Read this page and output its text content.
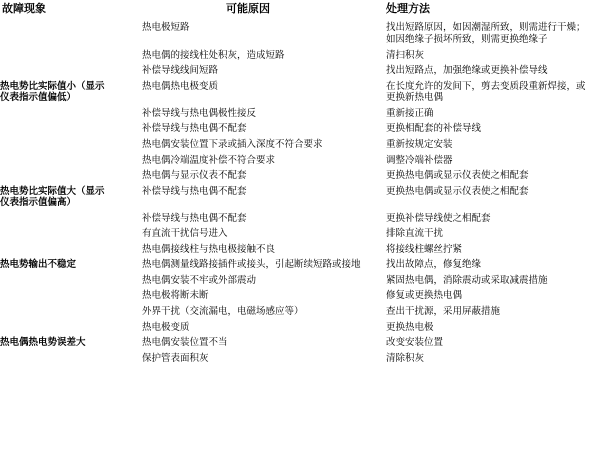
故障现象	可能原因	处理方法
	热电极短路	找出短路原因，如因潮湿所致，则需进行干燥；如因绝缘子损坏所致，则需更换绝缘子
	热电偶的接线柱处积灰，造成短路	清扫积灰
	补偿导线线间短路	找出短路点，加强绝缘或更换补偿导线
热电势比实际值小（显示仪表指示值偏低）	热电偶热电极变质	在长度允许的发间下，剪去变质段重新焊接，或更换新热电偶
	补偿导线与热电偶极性接反	重新接正确
	补偿导线与热电偶不配套	更换相配套的补偿导线
	热电偶安装位置下录或插入深度不符合要求	重新按规定安装
	热电偶冷端温度补偿不符合要求	调整冷端补偿器
	热电偶与显示仪表不配套	更换热电偶或显示仪表使之相配套
热电势比实际值大（显示仪表指示值偏高）	补偿导线与热电偶不配套	更换热电偶或显示仪表使之相配套
	补偿导线与热电偶不配套	更换补偿导线使之相配套
	有直流干扰信号进入	排除直流干扰
	热电偶接线柱与热电极接触不良	将接线柱螺丝拧紧
热电势输出不稳定	热电偶测量线路接插件或接头，引起断续短路或接地	找出故障点，修复绝缘
	热电偶安装不牢或外部震动	紧固热电偶，消除震动或采取减震措施
	热电极将断未断	修复或更换热电偶
	外界干扰（交流漏电，电磁场感应等）	查出干扰源，采用屏蔽措施
	热电极变质	更换热电极
热电偶热电势误差大	热电偶安装位置不当	改变安装位置
	保护管表面积灰	清除积灰
